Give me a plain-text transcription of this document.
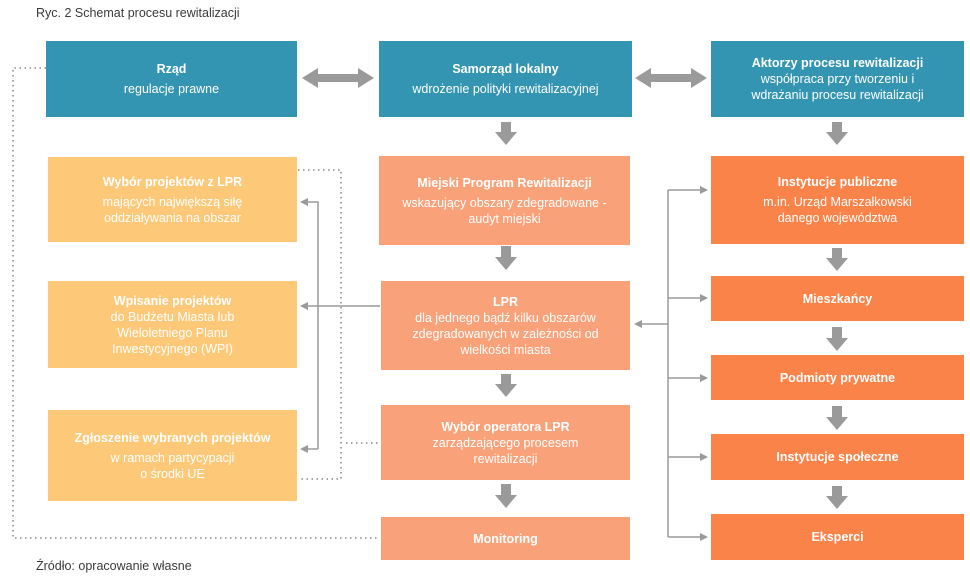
Ryc. 2 Schemat procesu rewitalizacji
Rząd
regulacje prawne
Samorząd lokalny
wdrożenie polityki rewitalizacyjnej
Aktorzy procesu rewitalizacji
współpraca przy tworzeniu i wdrażaniu procesu rewitalizacji
Wybór projektów z LPR
mających największą siłę oddziaływania na obszar
Wpisanie projektów
do Budżetu Miasta lub Wieloletniego Planu Inwestycyjnego (WPI)
Zgłoszenie wybranych projektów
w ramach partycypacji o środki UE
Miejski Program Rewitalizacji
wskazujący obszary zdegradowane - audyt miejski
LPR
dla jednego bądź kilku obszarów zdegradowanych w zależności od wielkości miasta
Wybór operatora LPR
zarządzającego procesem rewitalizacji
Monitoring
Instytucje publiczne
m.in. Urząd Marszałkowski danego województwa
Mieszkańcy
Podmioty prywatne
Instytucje społeczne
Eksperci
Źródło: opracowanie własne
